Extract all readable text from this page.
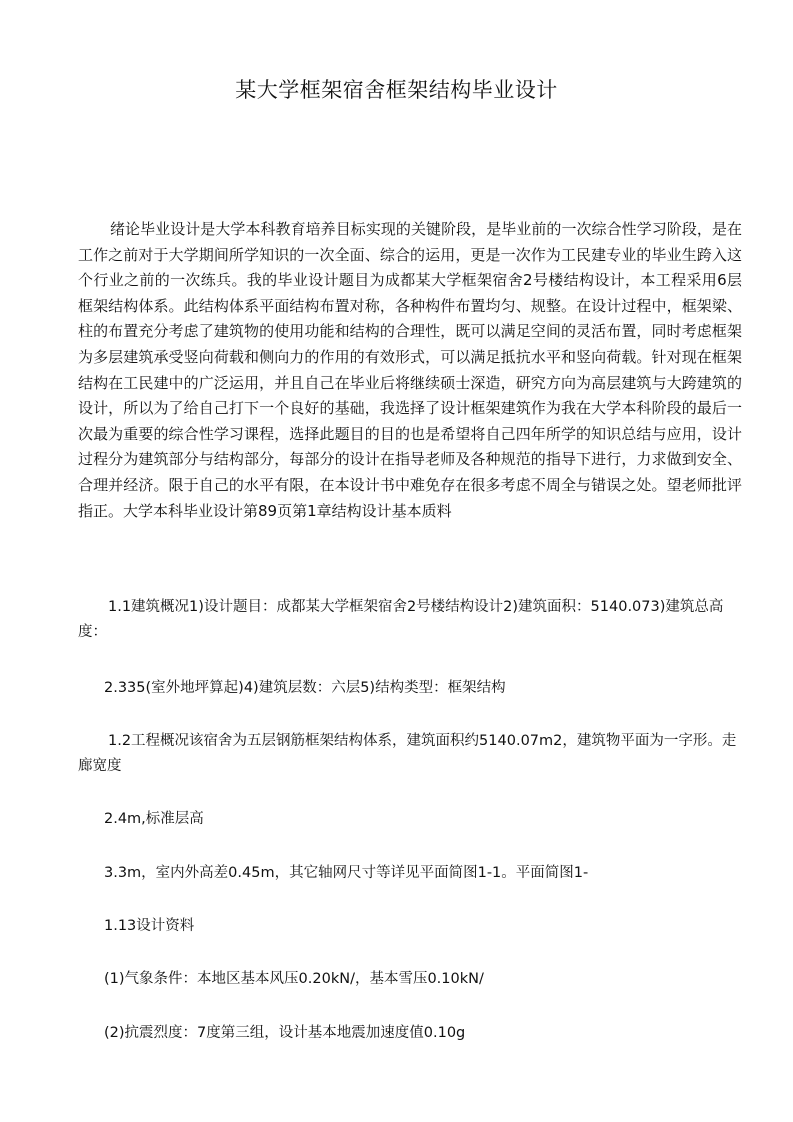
某大学框架宿舍框架结构毕业设计

绪论毕业设计是大学本科教育培养目标实现的关键阶段，是毕业前的一次综合性学习阶段，是在工作之前对于大学期间所学知识的一次全面、综合的运用，更是一次作为工民建专业的毕业生跨入这个行业之前的一次练兵。我的毕业设计题目为成都某大学框架宿舍2号楼结构设计，本工程采用6层框架结构体系。此结构体系平面结构布置对称，各种构件布置均匀、规整。在设计过程中，框架梁、柱的布置充分考虑了建筑物的使用功能和结构的合理性，既可以满足空间的灵活布置，同时考虑框架为多层建筑承受竖向荷载和侧向力的作用的有效形式，可以满足抵抗水平和竖向荷载。针对现在框架结构在工民建中的广泛运用，并且自己在毕业后将继续硕士深造，研究方向为高层建筑与大跨建筑的设计，所以为了给自己打下一个良好的基础，我选择了设计框架建筑作为我在大学本科阶段的最后一次最为重要的综合性学习课程，选择此题目的目的也是希望将自己四年所学的知识总结与应用，设计过程分为建筑部分与结构部分，每部分的设计在指导老师及各种规范的指导下进行，力求做到安全、合理并经济。限于自己的水平有限，在本设计书中难免存在很多考虑不周全与错误之处。望老师批评指正。大学本科毕业设计第89页第1章结构设计基本质料

1.1建筑概况1)设计题目：成都某大学框架宿舍2号楼结构设计2)建筑面积：5140.073)建筑总高度：

2.335(室外地坪算起)4)建筑层数：六层5)结构类型：框架结构

1.2工程概况该宿舍为五层钢筋框架结构体系，建筑面积约5140.07m2，建筑物平面为一字形。走廊宽度

2.4m,标准层高

3.3m，室内外高差0.45m，其它轴网尺寸等详见平面简图1-1。平面简图1-

1.13设计资料

(1)气象条件：本地区基本风压0.20kN/，基本雪压0.10kN/

(2)抗震烈度：7度第三组，设计基本地震加速度值0.10g
